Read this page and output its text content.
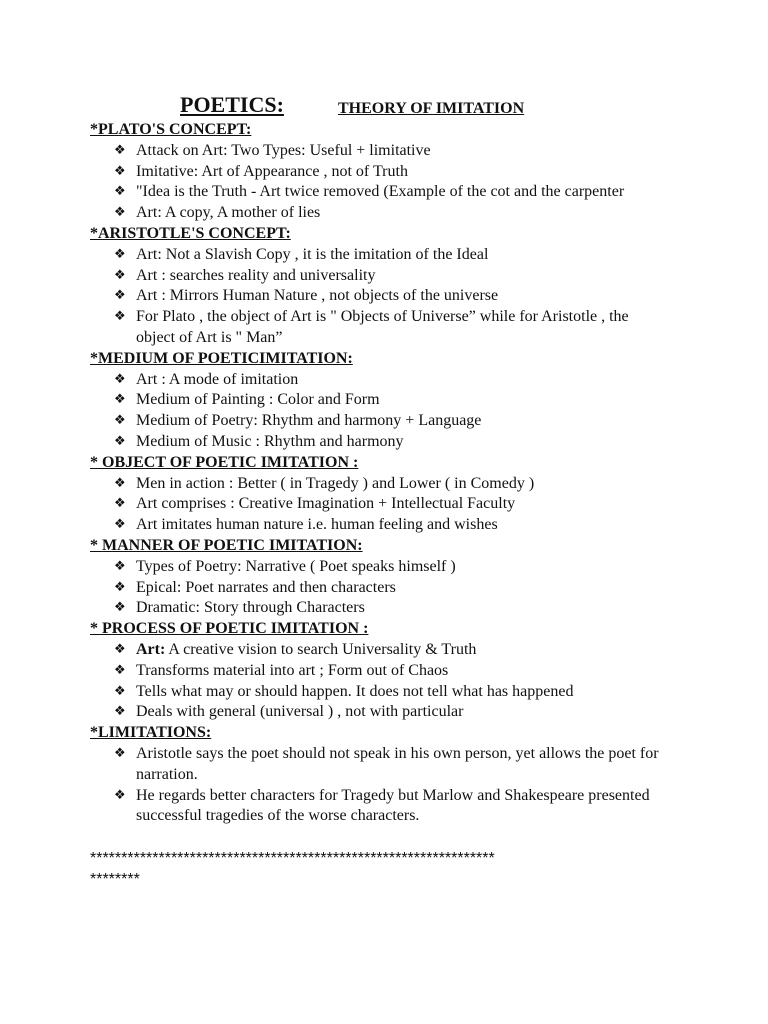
POETICS:	THEORY OF IMITATION
*PLATO'S CONCEPT:
❖ Attack on Art: Two Types: Useful + limitative
❖ Imitative: Art of Appearance , not of Truth
❖ "Idea is the Truth - Art twice removed (Example of the cot and the carpenter
❖ Art: A copy, A mother of lies
*ARISTOTLE'S CONCEPT:
❖ Art: Not a Slavish Copy , it is the imitation of the Ideal
❖ Art : searches reality and universality
❖ Art : Mirrors Human Nature , not objects of the universe
❖ For Plato , the object of Art is " Objects of Universe” while for Aristotle , the object of Art is " Man”
*MEDIUM OF POETICIMITATION:
❖ Art : A mode of imitation
❖ Medium of Painting : Color and Form
❖ Medium of Poetry: Rhythm and harmony + Language
❖ Medium of Music : Rhythm and harmony
* OBJECT OF POETIC IMITATION :
❖ Men in action : Better ( in Tragedy ) and Lower ( in Comedy )
❖ Art comprises : Creative Imagination + Intellectual Faculty
❖ Art imitates human nature i.e. human feeling and wishes
* MANNER OF POETIC IMITATION:
❖ Types of Poetry: Narrative ( Poet speaks himself )
❖ Epical: Poet narrates and then characters
❖ Dramatic: Story through Characters
* PROCESS OF POETIC IMITATION :
❖ Art: A creative vision to search Universality & Truth
❖ Transforms material into art ; Form out of Chaos
❖ Tells what may or should happen. It does not tell what has happened
❖ Deals with general (universal ) , not with particular
*LIMITATIONS:
❖ Aristotle says the poet should not speak in his own person, yet allows the poet for narration.
❖ He regards better characters for Tragedy but Marlow and Shakespeare presented successful tragedies of the worse characters.
*****************************************************************
********
